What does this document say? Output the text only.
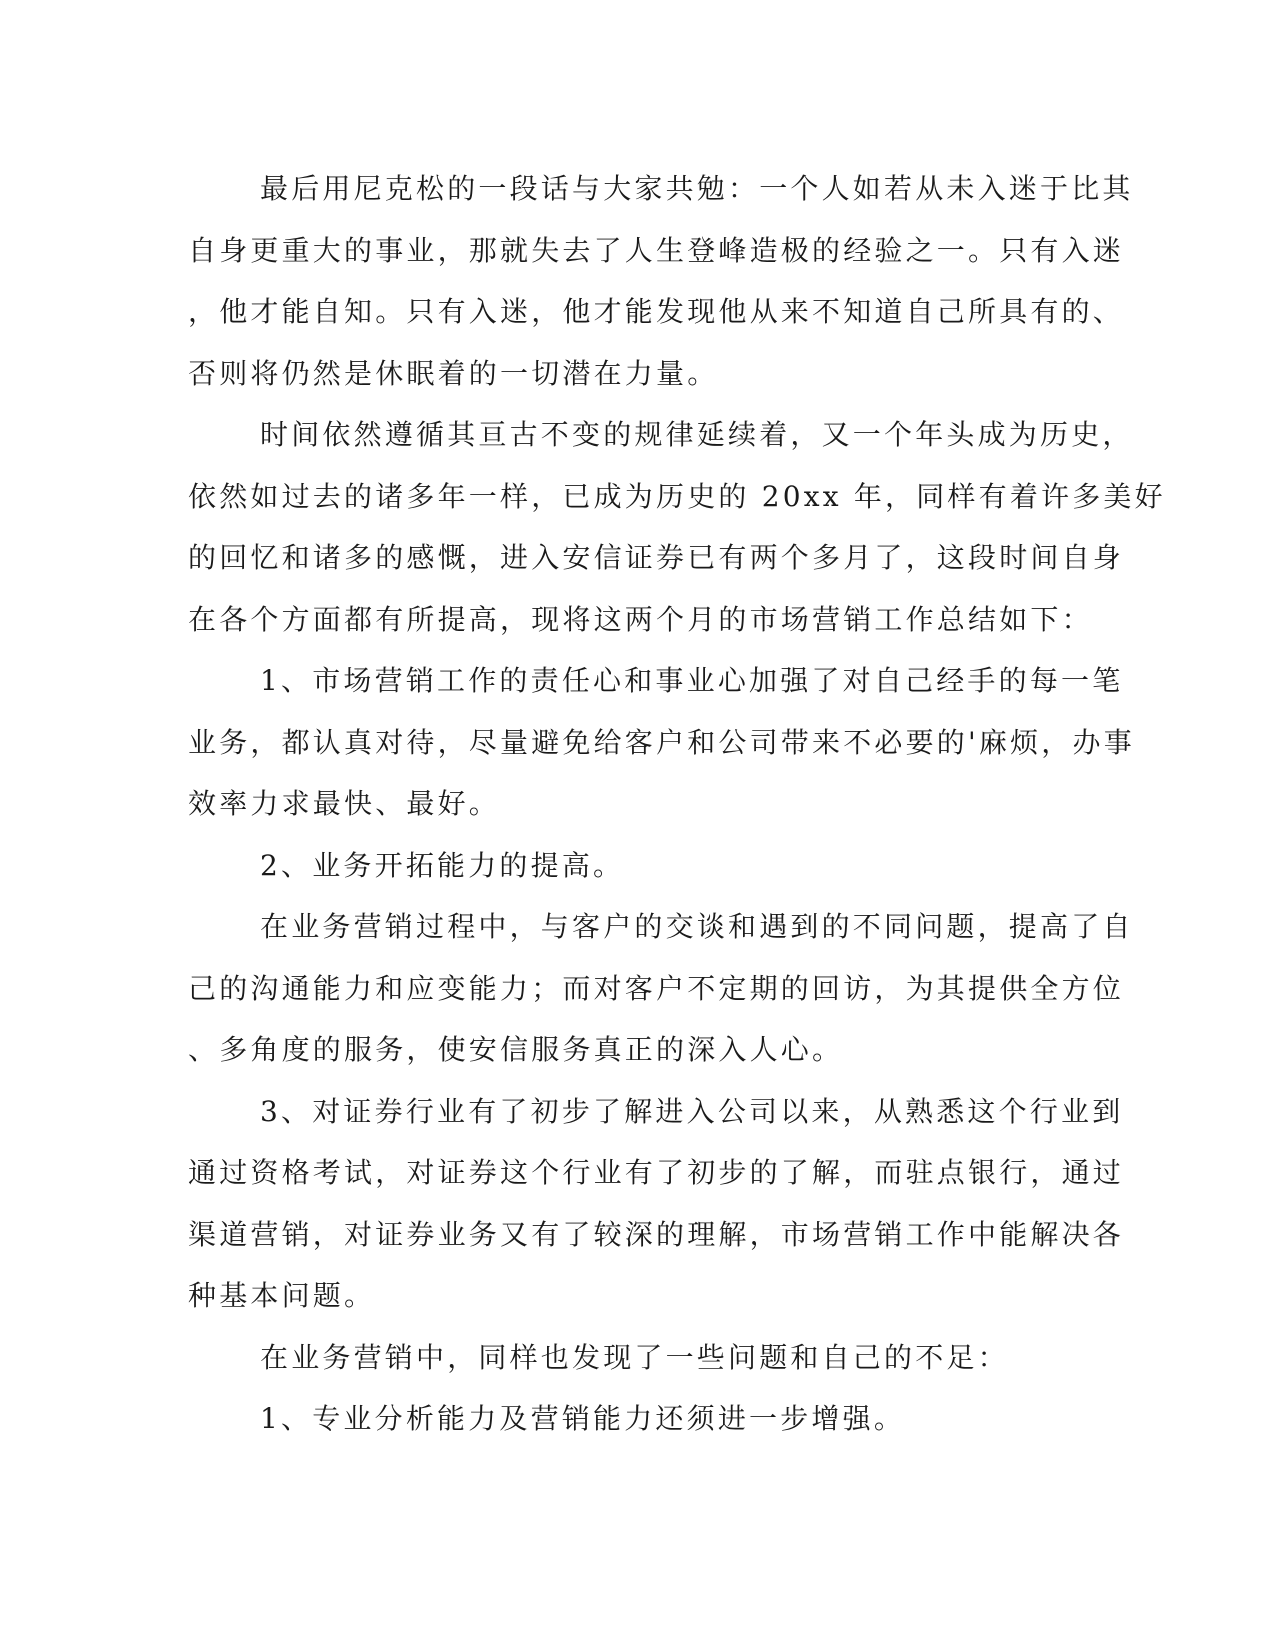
最后用尼克松的一段话与大家共勉：一个人如若从未入迷于比其
自身更重大的事业，那就失去了人生登峰造极的经验之一。只有入迷
，他才能自知。只有入迷，他才能发现他从来不知道自己所具有的、
否则将仍然是休眠着的一切潜在力量。
时间依然遵循其亘古不变的规律延续着，又一个年头成为历史，
依然如过去的诸多年一样，已成为历史的 20xx 年，同样有着许多美好
的回忆和诸多的感慨，进入安信证券已有两个多月了，这段时间自身
在各个方面都有所提高，现将这两个月的市场营销工作总结如下：
1、市场营销工作的责任心和事业心加强了对自己经手的每一笔
业务，都认真对待，尽量避免给客户和公司带来不必要的'麻烦，办事
效率力求最快、最好。
2、业务开拓能力的提高。
在业务营销过程中，与客户的交谈和遇到的不同问题，提高了自
己的沟通能力和应变能力；而对客户不定期的回访，为其提供全方位
、多角度的服务，使安信服务真正的深入人心。
3、对证券行业有了初步了解进入公司以来，从熟悉这个行业到
通过资格考试，对证券这个行业有了初步的了解，而驻点银行，通过
渠道营销，对证券业务又有了较深的理解，市场营销工作中能解决各
种基本问题。
在业务营销中，同样也发现了一些问题和自己的不足：
1、专业分析能力及营销能力还须进一步增强。
